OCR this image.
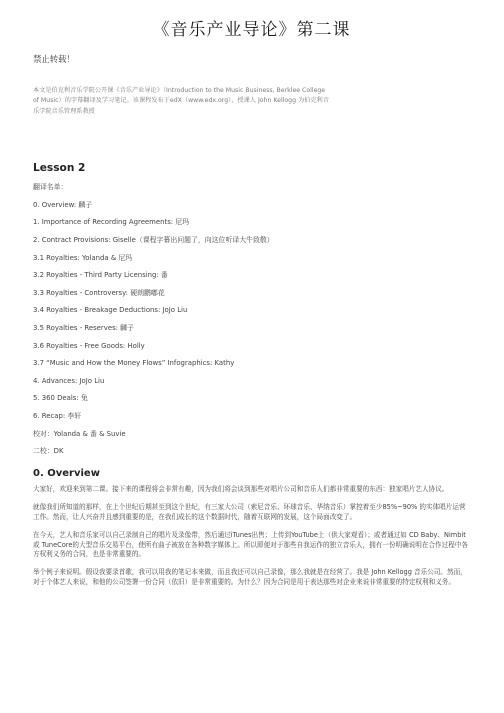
《音乐产业导论》第二课
禁止转载！
本文是伯克利音乐学院公开课《音乐产业导论》（Introduction to the Music Business, Berklee College of Music）的字幕翻译及学习笔记。该课程发布于edX（www.edx.org），授课人 John Kellogg 为伯克利音乐学院音乐管理系教授
Lesson 2
翻译名单：
0. Overview: 麟子
1. Importance of Recording Agreements: 尼玛
2. Contract Provisions: Giselle（课程字幕出问题了，向这位听译大牛致敬）
3.1 Royalties: Yolanda & 尼玛
3.2 Royalties - Third Party Licensing: 番
3.3 Royalties - Controversy: 硬朗鹏嘟花
3.4 Royalties - Breakage Deductions: JoJo Liu
3.5 Royalties - Reserves: 麟子
3.6 Royalties - Free Goods: Holly
3.7 “Music and How the Money Flows” Infographics: Kathy
4. Advances: JoJo Liu
5. 360 Deals: 兔
6. Recap: 李轩
校对：Yolanda & 番 & Suvie
二校：DK
0. Overview

大家好，欢迎来到第二课。接下来的课程将会非常有趣，因为我们将会谈到那些对唱片公司和音乐人们都非常重要的东西：独家唱片艺人协议。

就像我们所知道的那样，在上个世纪后期甚至到这个世纪，有三家大公司（索尼音乐、环球音乐、华纳音乐）掌控着至少85%~90% 的实体唱片运营工作。然而，让人兴奋并且感到重要的是，在我们成长的这个数据时代，随着互联网的发展，这个局面改变了。

在今天，艺人和音乐家可以自己录制自己的唱片及录像带，然后通过iTunes出售；上传到YouTube上（供大家观看）；或者通过如 CD Baby、Nimbit 或 TuneCore的大型音乐交易平台，使所有曲子被放在各种数字媒体上。所以即便对于那些自我运作的独立音乐人，拥有一份明确说明在合作过程中各方权利义务的合同，也是非常重要的。

举个例子来说明。假设我要录首歌，我可以用我的笔记本来做，而且我还可以自己录像，那么我就是在经营了。我是 John Kellogg 音乐公司。然而，对于个体艺人来说，和他的公司签署一份合同（依旧）是非常重要的。为什么？因为合同是用于表达那些对企业来说非常重要的特定权利和义务。
